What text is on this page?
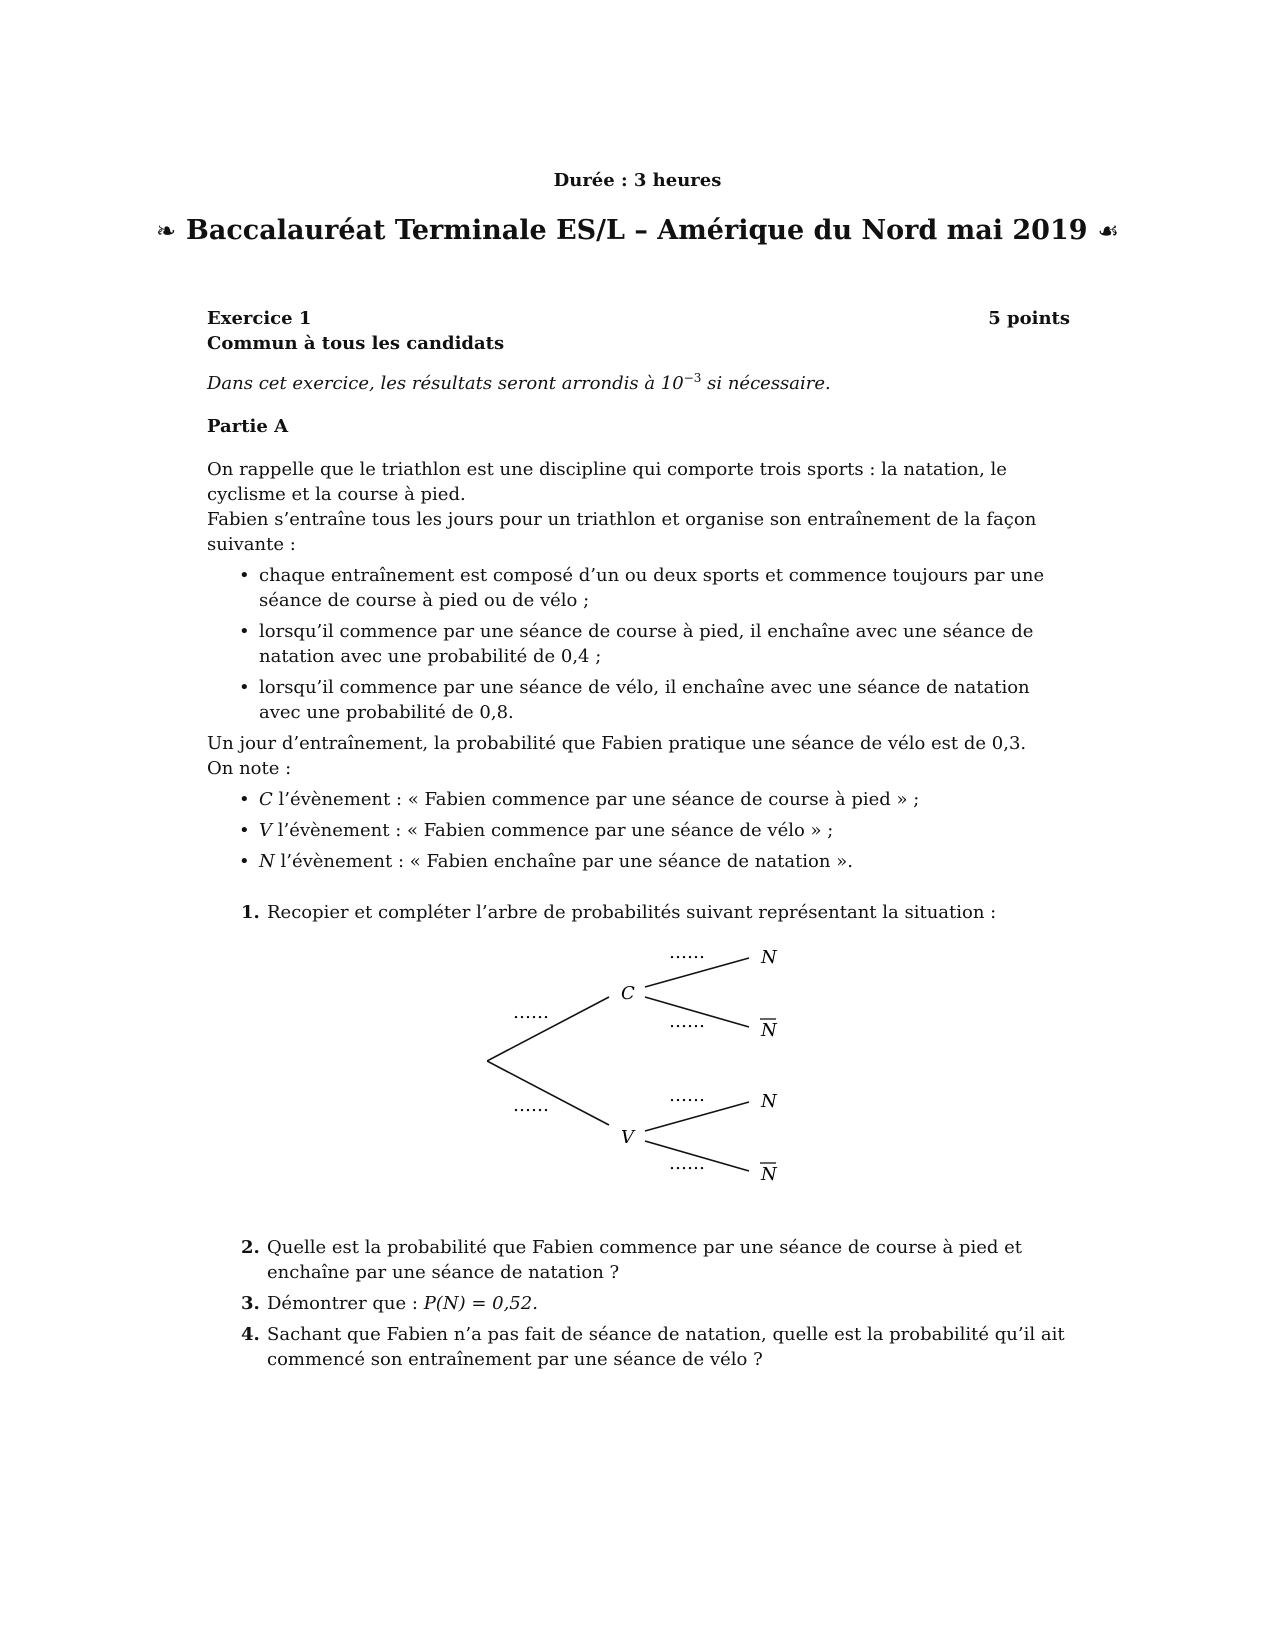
Durée : 3 heures
❧ Baccalauréat Terminale ES/L – Amérique du Nord mai 2019 ☙
Exercice 1	5 points
Commun à tous les candidats
Dans cet exercice, les résultats seront arrondis à $10^{-3}$ si nécessaire.
Partie A

On rappelle que le triathlon est une discipline qui comporte trois sports : la natation, le cyclisme et la course à pied.

Fabien s’entraîne tous les jours pour un triathlon et organise son entraînement de la façon suivante :

• chaque entraînement est composé d’un ou deux sports et commence toujours par une séance de course à pied ou de vélo ;
• lorsqu’il commence par une séance de course à pied, il enchaîne avec une séance de natation avec une probabilité de 0,4 ;
• lorsqu’il commence par une séance de vélo, il enchaîne avec une séance de natation avec une probabilité de 0,8.

Un jour d’entraînement, la probabilité que Fabien pratique une séance de vélo est de 0,3.

On note :

• C l’évènement : « Fabien commence par une séance de course à pied » ;
• V l’évènement : « Fabien commence par une séance de vélo » ;
• N l’évènement : « Fabien enchaîne par une séance de natation ».
1. Recopier et compléter l’arbre de probabilités suivant représentant la situation :
……
……
……
……
……
……
C
V
N
N
N
N
2. Quelle est la probabilité que Fabien commence par une séance de course à pied et enchaîne par une séance de natation ?
3. Démontrer que : P(N) = 0,52.
4. Sachant que Fabien n’a pas fait de séance de natation, quelle est la probabilité qu’il ait commencé son entraînement par une séance de vélo ?
